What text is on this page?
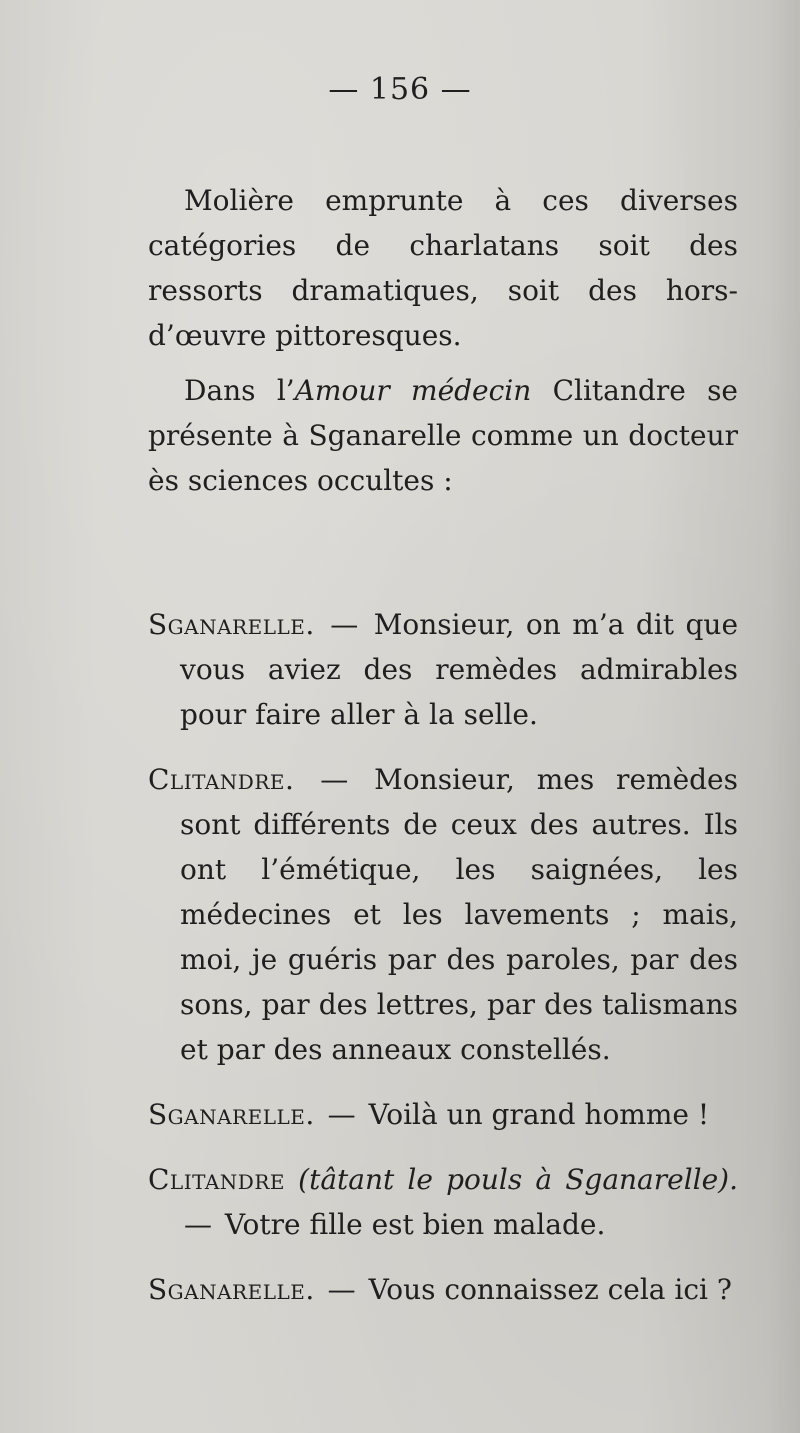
— 156 —

Molière emprunte à ces diverses catégories de charlatans soit des ressorts dramatiques, soit des hors-d’œuvre pittoresques.

Dans l’Amour médecin Clitandre se présente à Sganarelle comme un docteur ès sciences occultes :

Sganarelle. — Monsieur, on m’a dit que vous aviez des remèdes admirables pour faire aller à la selle.

Clitandre. — Monsieur, mes remèdes sont différents de ceux des autres. Ils ont l’émétique, les saignées, les médecines et les lavements ; mais, moi, je guéris par des paroles, par des sons, par des lettres, par des talismans et par des anneaux constellés.

Sganarelle. — Voilà un grand homme !

Clitandre (tâtant le pouls à Sganarelle). — Votre fille est bien malade.

Sganarelle. — Vous connaissez cela ici ?
